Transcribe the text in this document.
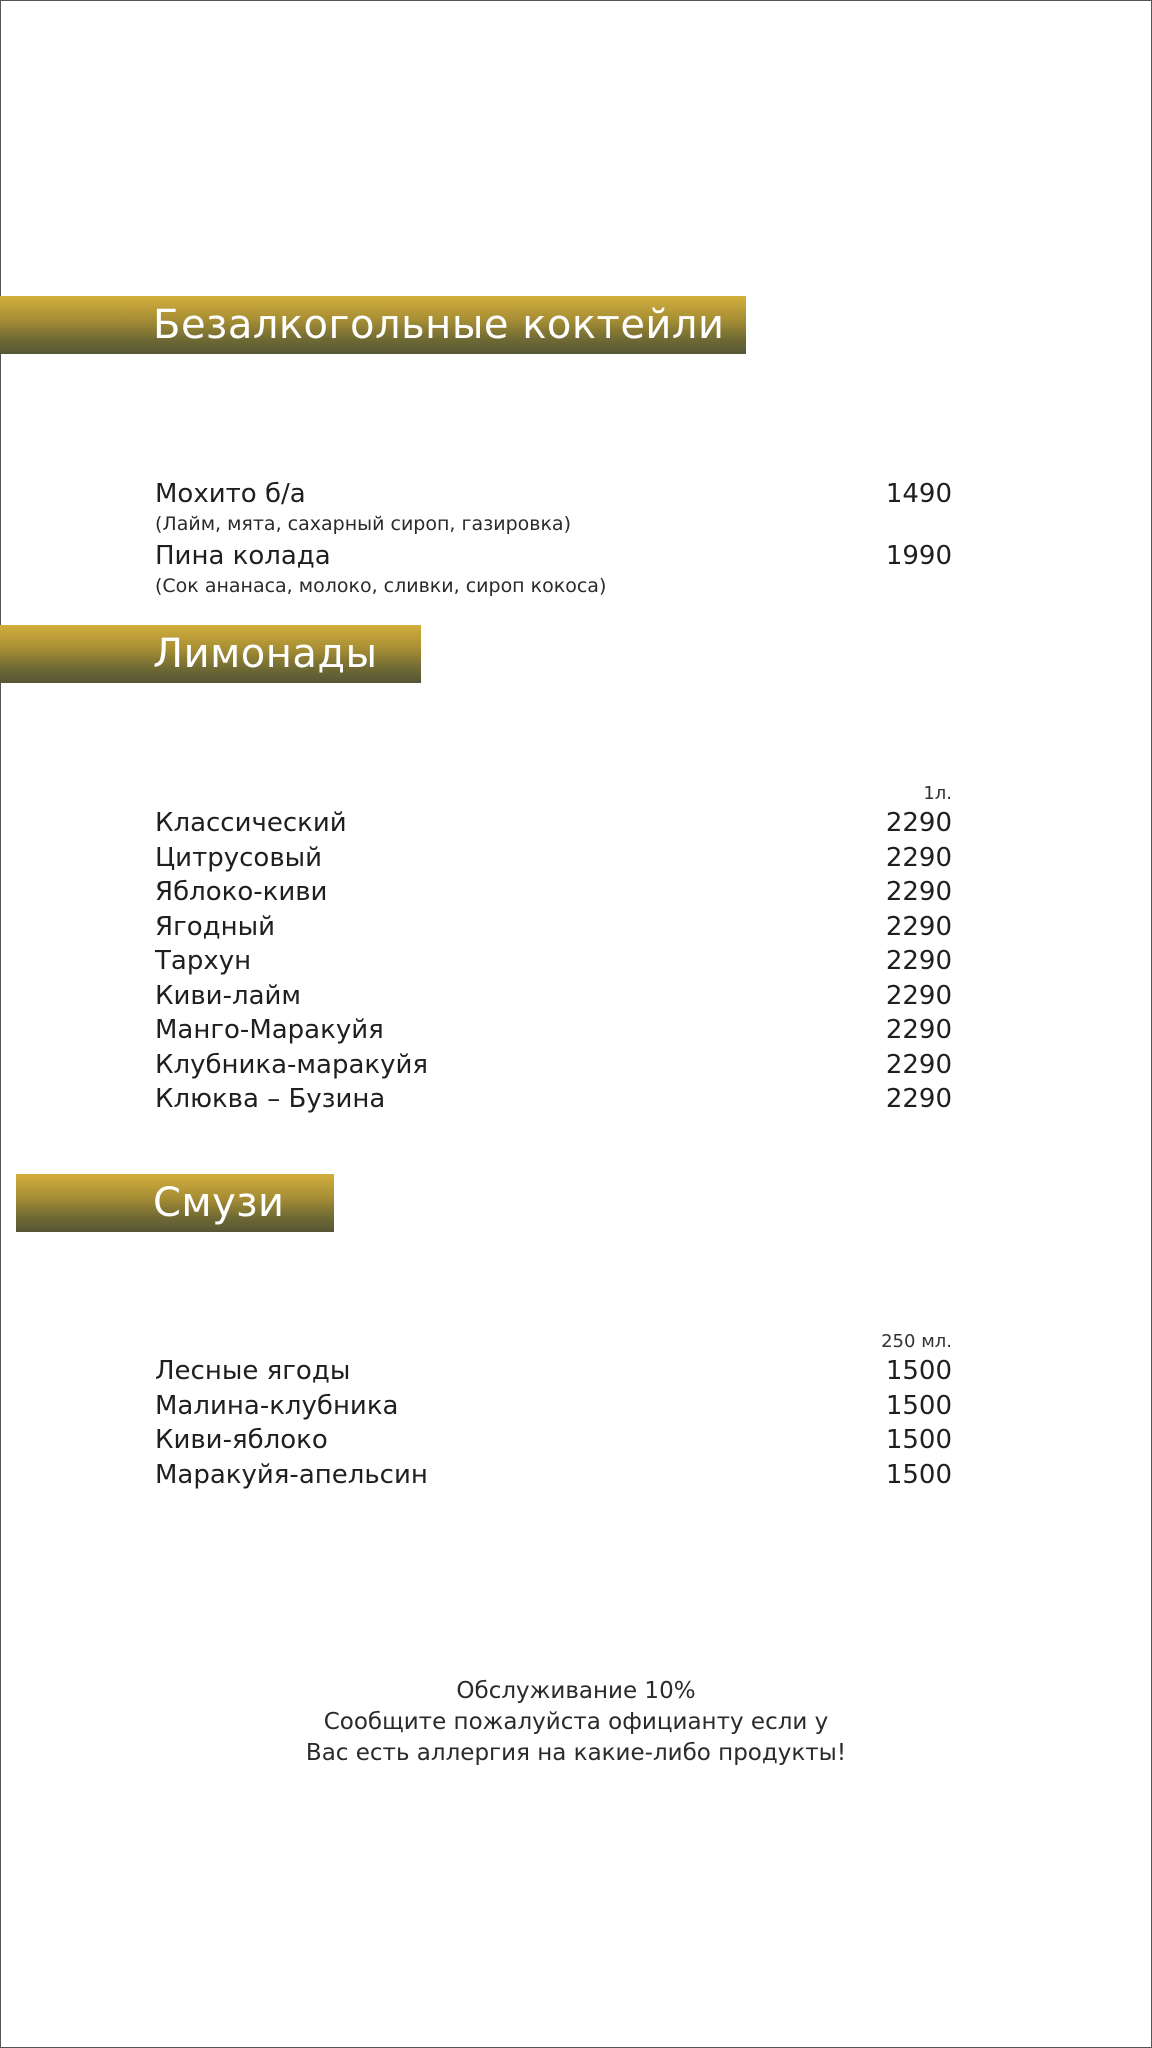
Безалкогольные коктейли
Мохито б/а	1490
(Лайм, мята, сахарный сироп, газировка)
Пина колада	1990
(Сок ананаса, молоко, сливки, сироп кокоса)
Лимонады
1л.
Классический	2290
Цитрусовый	2290
Яблоко-киви	2290
Ягодный	2290
Тархун	2290
Киви-лайм	2290
Манго-Маракуйя	2290
Клубника-маракуйя	2290
Клюква – Бузина	2290
Смузи
250 мл.
Лесные ягоды	1500
Малина-клубника	1500
Киви-яблоко	1500
Маракуйя-апельсин	1500
Обслуживание 10%
Сообщите пожалуйста официанту если у
Вас есть аллергия на какие-либо продукты!
